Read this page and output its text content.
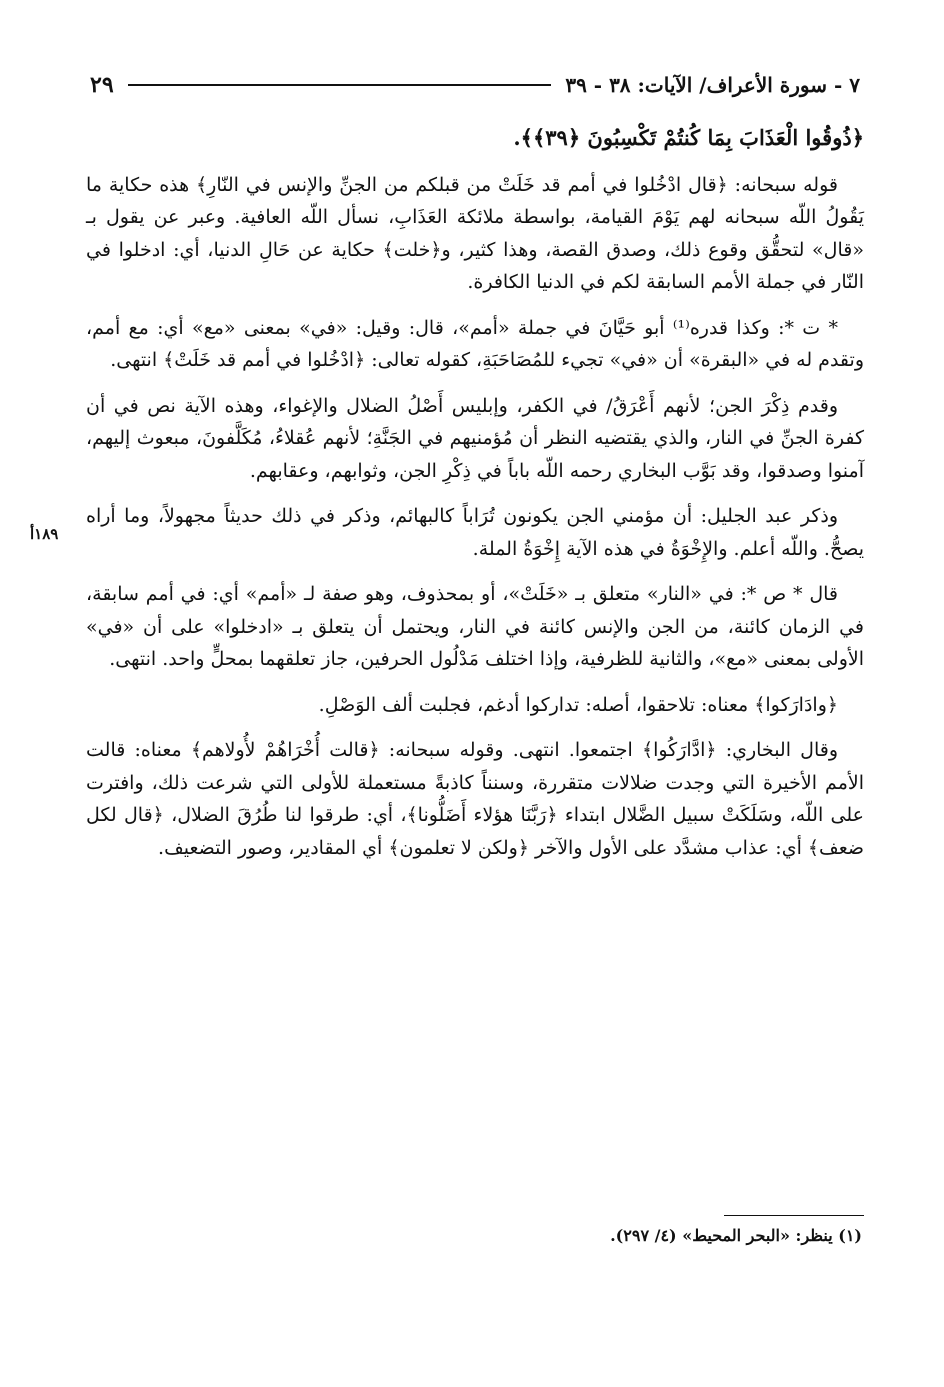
٧ - سورة الأعراف/ الآيات: ٣٨ - ٣٩
٢٩
١٨٩أ

﴿ذُوقُوا الْعَذَابَ بِمَا كُنتُمْ تَكْسِبُونَ ﴿٣٩﴾﴾.

قوله سبحانه: ﴿قال ادْخُلوا في أمم قد خَلَتْ من قبلكم من الجنِّ والإنس في النّارِ﴾ هذه حكاية ما يَقُولُ اللّه سبحانه لهم يَوْمَ القيامة، بواسطة ملائكة العَذَابِ، نسأل اللّه العافية. وعبر عن يقول بـ «قال» لتحقُّق وقوع ذلك، وصدق القصة، وهذا كثير، و﴿خلت﴾ حكاية عن حَالِ الدنيا، أي: ادخلوا في النّار في جملة الأمم السابقة لكم في الدنيا الكافرة.

* ت *: وكذا قدره⁽¹⁾ أبو حَيَّانَ في جملة «أمم»، قال: وقيل: «في» بمعنى «مع» أي: مع أمم، وتقدم له في «البقرة» أن «في» تجيء للمُصَاحَبَةِ، كقوله تعالى: ﴿ادْخُلوا في أمم قد خَلَتْ﴾ انتهى.

وقدم ذِكْرَ الجن؛ لأنهم أَعْرَقُ/ في الكفر، وإبليس أَصْلُ الضلال والإغواء، وهذه الآية نص في أن كفرة الجنِّ في النار، والذي يقتضيه النظر أن مُؤمنيهم في الجَنَّةِ؛ لأنهم عُقلاءُ، مُكَلَّفونَ، مبعوث إليهم، آمنوا وصدقوا، وقد بَوَّب البخاري رحمه اللّه باباً في ذِكْرِ الجن، وثوابهم، وعقابهم.

وذكر عبد الجليل: أن مؤمني الجن يكونون تُرَاباً كالبهائم، وذكر في ذلك حديثاً مجهولاً، وما أراه يصحُّ. واللّه أعلم. والإِخْوَةُ في هذه الآية إِخْوَةُ الملة.

قال * ص *: في «النار» متعلق بـ «خَلَتْ»، أو بمحذوف، وهو صفة لـ «أمم» أي: في أمم سابقة، في الزمان كائنة، من الجن والإنس كائنة في النار، ويحتمل أن يتعلق بـ «ادخلوا» على أن «في» الأولى بمعنى «مع»، والثانية للظرفية، وإذا اختلف مَدْلُول الحرفين، جاز تعلقهما بمحلٍّ واحد. انتهى.

﴿وادَارَكوا﴾ معناه: تلاحقوا، أصله: تداركوا أدغم، فجلبت ألف الوَصْلِ.

وقال البخاري: ﴿ادَّارَكُوا﴾ اجتمعوا. انتهى. وقوله سبحانه: ﴿قالت أُخْرَاهُمْ لأُولاهم﴾ معناه: قالت الأمم الأخيرة التي وجدت ضلالات متقررة، وسنناً كاذبةً مستعملة للأولى التي شرعت ذلك، وافترت على اللّه، وسَلَكَتْ سبيل الضَّلال ابتداء ﴿رَبَّنَا هؤلاء أَضَلُّونا﴾، أي: طرقوا لنا طُرُقَ الضلال، ﴿قال لكل ضعف﴾ أي: عذاب مشدَّد على الأول والآخر ﴿ولكن لا تعلمون﴾ أي المقادير، وصور التضعيف.

(١) ينظر: «البحر المحيط» (٤/ ٢٩٧).
